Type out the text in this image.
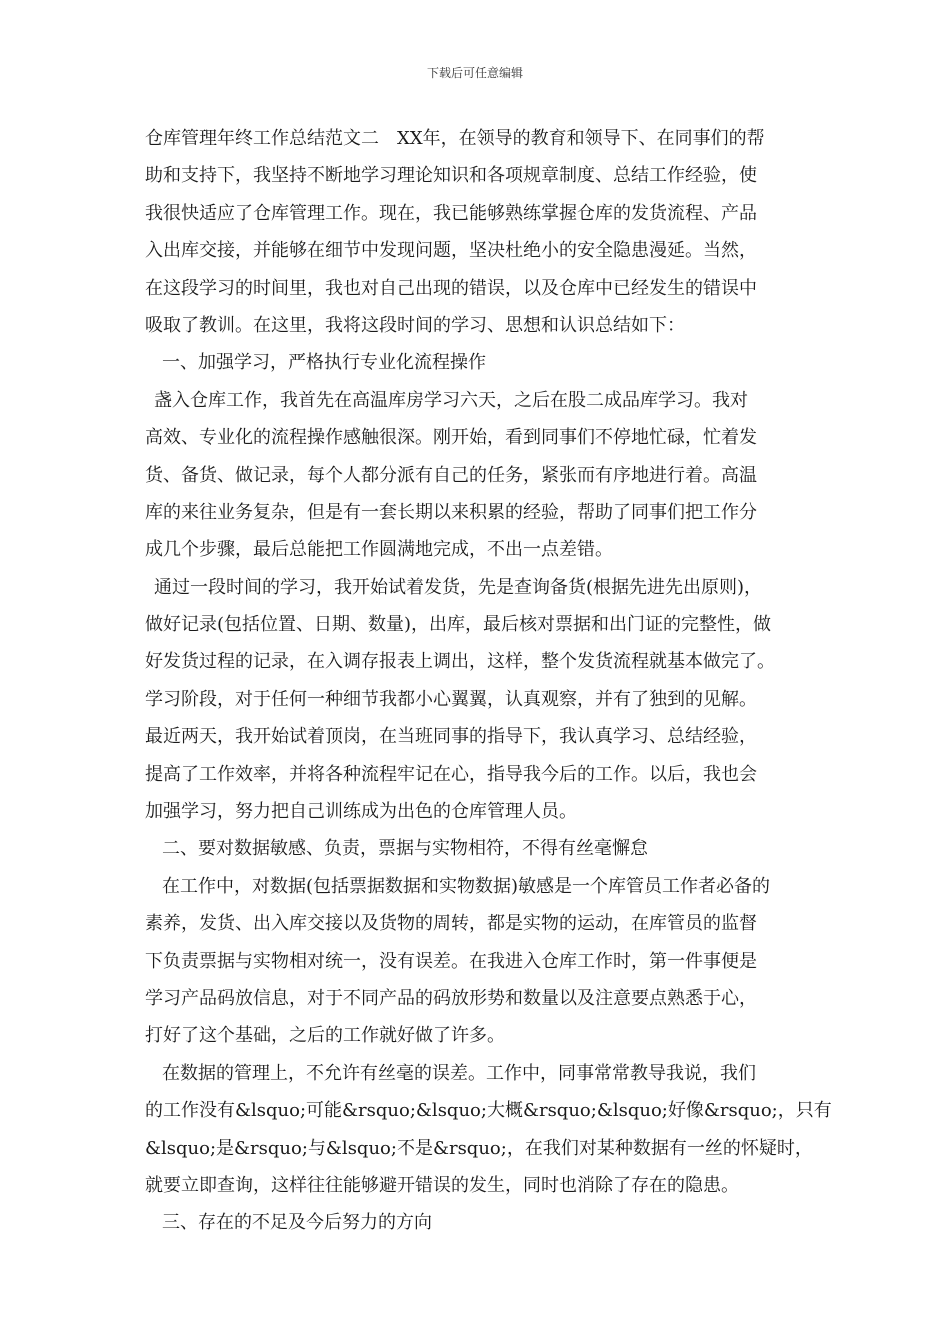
下载后可任意编辑
仓库管理年终工作总结范文二　XX年，在领导的教育和领导下、在同事们的帮
助和支持下，我坚持不断地学习理论知识和各项规章制度、总结工作经验，使
我很快适应了仓库管理工作。现在，我已能够熟练掌握仓库的发货流程、产品
入出库交接，并能够在细节中发现问题，坚决杜绝小的安全隐患漫延。当然，
在这段学习的时间里，我也对自己出现的错误，以及仓库中已经发生的错误中
吸取了教训。在这里，我将这段时间的学习、思想和认识总结如下：
一、加强学习，严格执行专业化流程操作
盏入仓库工作，我首先在高温库房学习六天，之后在股二成品库学习。我对
高效、专业化的流程操作感触很深。刚开始，看到同事们不停地忙碌，忙着发
货、备货、做记录，每个人都分派有自己的任务，紧张而有序地进行着。高温
库的来往业务复杂，但是有一套长期以来积累的经验，帮助了同事们把工作分
成几个步骤，最后总能把工作圆满地完成，不出一点差错。
通过一段时间的学习，我开始试着发货，先是查询备货(根据先进先出原则)，
做好记录(包括位置、日期、数量)，出库，最后核对票据和出门证的完整性，做
好发货过程的记录，在入调存报表上调出，这样，整个发货流程就基本做完了。
学习阶段，对于任何一种细节我都小心翼翼，认真观察，并有了独到的见解。
最近两天，我开始试着顶岗，在当班同事的指导下，我认真学习、总结经验，
提高了工作效率，并将各种流程牢记在心，指导我今后的工作。以后，我也会
加强学习，努力把自己训练成为出色的仓库管理人员。
二、要对数据敏感、负责，票据与实物相符，不得有丝毫懈怠
在工作中，对数据(包括票据数据和实物数据)敏感是一个库管员工作者必备的
素养，发货、出入库交接以及货物的周转，都是实物的运动，在库管员的监督
下负责票据与实物相对统一，没有误差。在我进入仓库工作时，第一件事便是
学习产品码放信息，对于不同产品的码放形势和数量以及注意要点熟悉于心，
打好了这个基础，之后的工作就好做了许多。
在数据的管理上，不允许有丝毫的误差。工作中，同事常常教导我说，我们
的工作没有&lsquo;可能&rsquo;&lsquo;大概&rsquo;&lsquo;好像&rsquo;，只有
&lsquo;是&rsquo;与&lsquo;不是&rsquo;，在我们对某种数据有一丝的怀疑时，
就要立即查询，这样往往能够避开错误的发生，同时也消除了存在的隐患。
三、存在的不足及今后努力的方向
